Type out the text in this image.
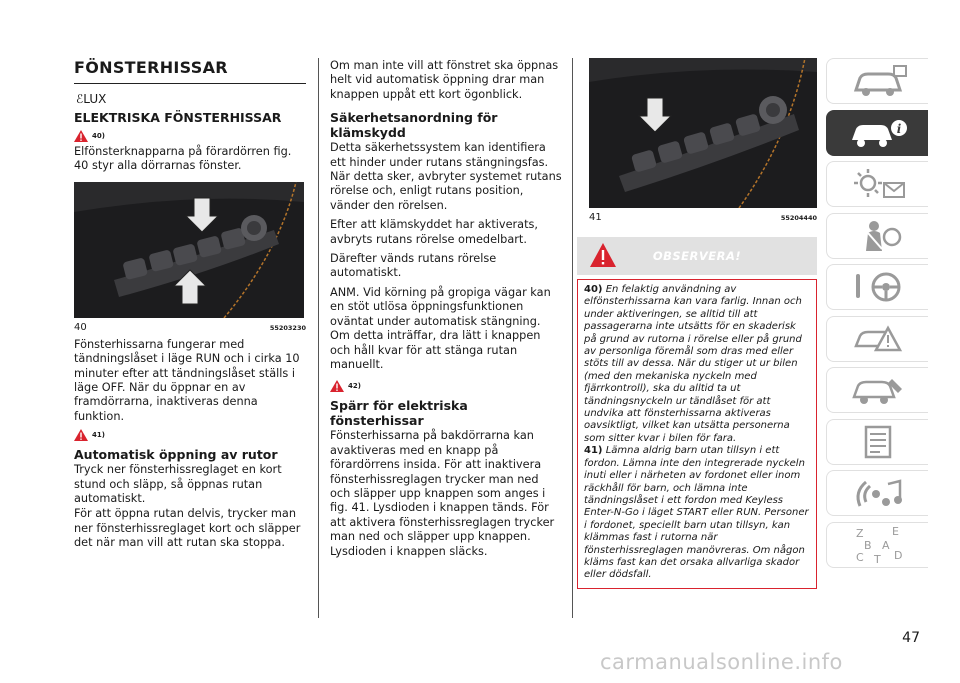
FÖNSTERHISSAR
ℰLUX
ELEKTRISKA FÖNSTERHISSAR
40)

Elfönsterknapparna på förardörren fig. 40 styr alla dörrarnas fönster.

40	55203230

Fönsterhissarna fungerar med tändningslåset i läge RUN och i cirka 10 minuter efter att tändningslåset ställs i läge OFF. När du öppnar en av framdörrarna, inaktiveras denna funktion.

41)
Automatisk öppning av rutor

Tryck ner fönsterhissreglaget en kort stund och släpp, så öppnas rutan automatiskt.

För att öppna rutan delvis, trycker man ner fönsterhissreglaget kort och släpper det när man vill att rutan ska stoppa.

Om man inte vill att fönstret ska öppnas helt vid automatisk öppning drar man knappen uppåt ett kort ögonblick.

Säkerhetsanordning för klämskydd

Detta säkerhetssystem kan identifiera ett hinder under rutans stängningsfas. När detta sker, avbryter systemet rutans rörelse och, enligt rutans position, vänder den rörelsen.

Efter att klämskyddet har aktiverats, avbryts rutans rörelse omedelbart.

Därefter vänds rutans rörelse automatiskt.

ANM. Vid körning på gropiga vägar kan en stöt utlösa öppningsfunktionen oväntat under automatisk stängning. Om detta inträffar, dra lätt i knappen och håll kvar för att stänga rutan manuellt.

42)
Spärr för elektriska fönsterhissar

Fönsterhissarna på bakdörrarna kan avaktiveras med en knapp på förardörrens insida. För att inaktivera fönsterhissreglagen trycker man ned och släpper upp knappen som anges i fig. 41. Lysdioden i knappen tänds. För att aktivera fönsterhissreglagen trycker man ned och släpper upp knappen. Lysdioden i knappen släcks.

41	55204440
OBSERVERA!

40) En felaktig användning av elfönsterhissarna kan vara farlig. Innan och under aktiveringen, se alltid till att passagerarna inte utsätts för en skaderisk på grund av rutorna i rörelse eller på grund av personliga föremål som dras med eller stöts till av dessa. När du stiger ut ur bilen (med den mekaniska nyckeln med fjärrkontroll), ska du alltid ta ut tändningsnyckeln ur tändlåset för att undvika att fönsterhissarna aktiveras oavsiktligt, vilket kan utsätta personerna som sitter kvar i bilen för fara.

41) Lämna aldrig barn utan tillsyn i ett fordon. Lämna inte den integrerade nyckeln inuti eller i närheten av fordonet eller inom räckhåll för barn, och lämna inte tändningslåset i ett fordon med Keyless Enter-N-Go i läget START eller RUN. Personer i fordonet, speciellt barn utan tillsyn, kan klämmas fast i rutorna när fönsterhissreglagen manövreras. Om någon kläms fast kan det orsaka allvarliga skador eller dödsfall.

i
Z	E
B A
C T D
47
carmanualsonline.info
